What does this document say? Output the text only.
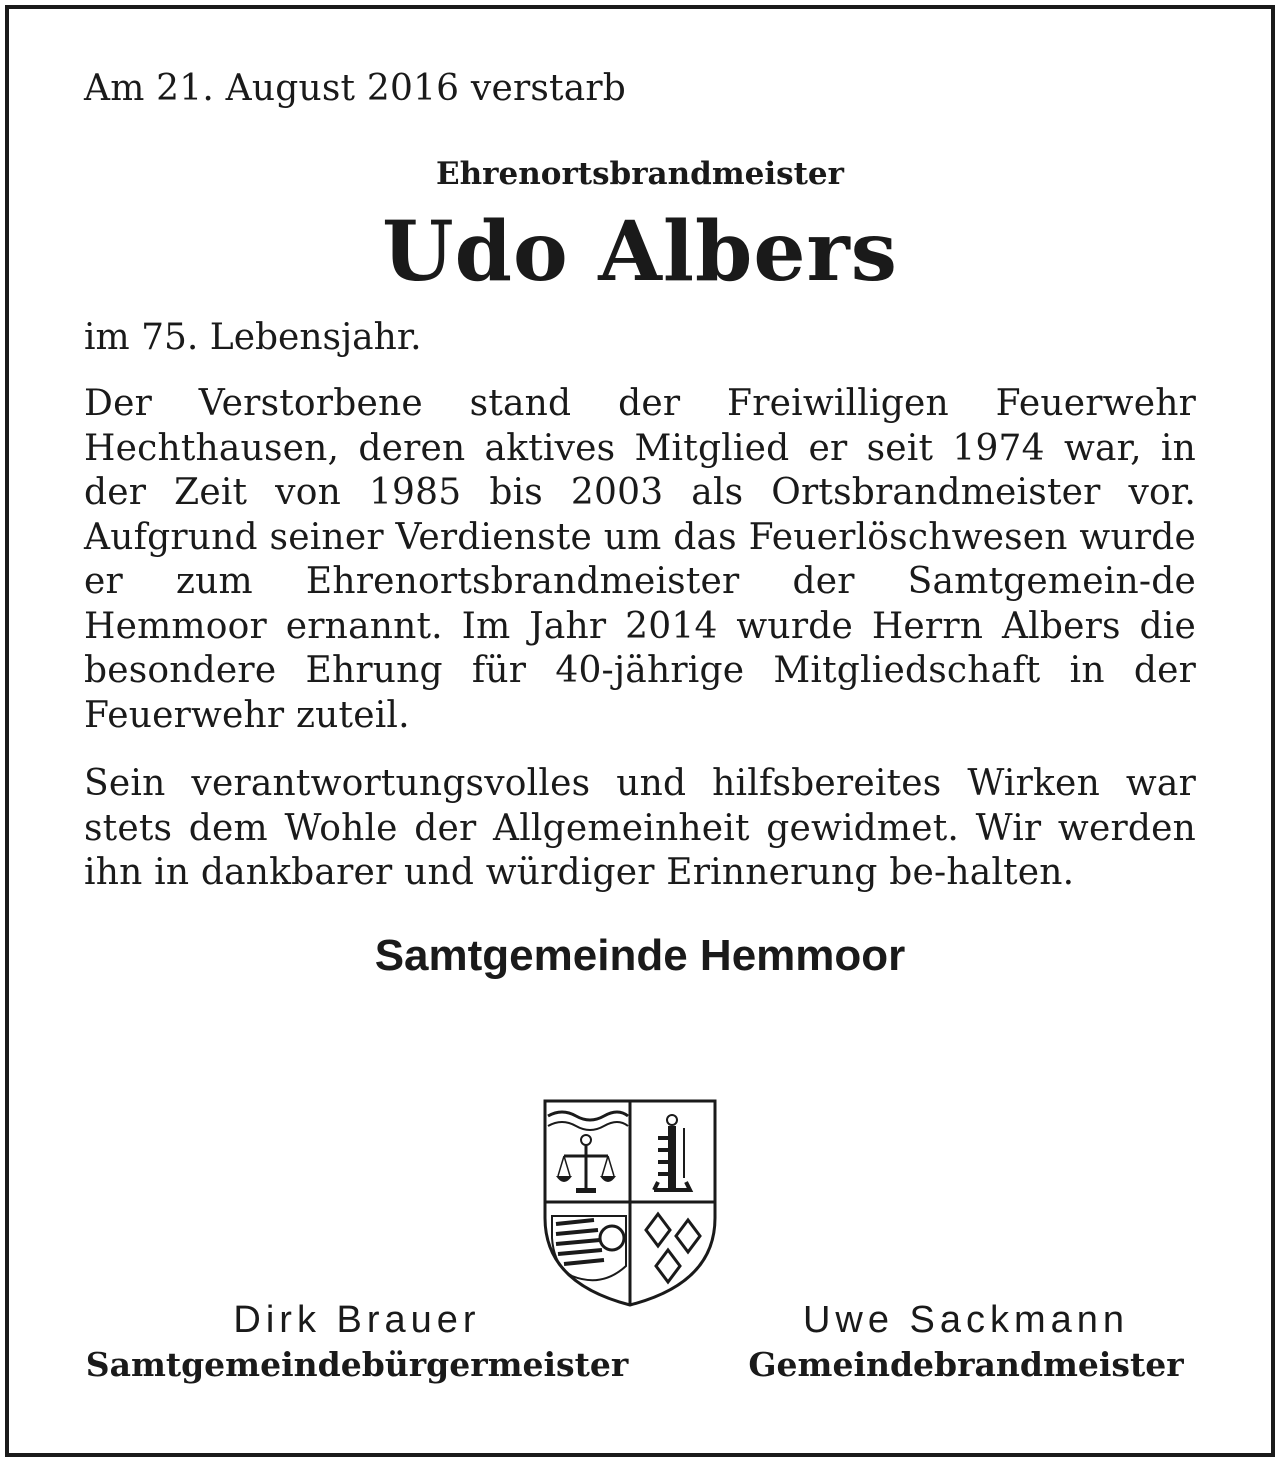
Am 21. August 2016 verstarb

Ehrenortsbrandmeister
Udo Albers
im 75. Lebensjahr.

Der Verstorbene stand der Freiwilligen Feuerwehr Hechthausen, deren aktives Mitglied er seit 1974 war, in der Zeit von 1985 bis 2003 als Ortsbrandmeister vor. Aufgrund seiner Verdienste um das Feuerlöschwesen wurde er zum Ehrenortsbrandmeister der Samtgemein-de Hemmoor ernannt. Im Jahr 2014 wurde Herrn Albers die besondere Ehrung für 40-jährige Mitgliedschaft in der Feuerwehr zuteil.

Sein verantwortungsvolles und hilfsbereites Wirken war stets dem Wohle der Allgemeinheit gewidmet. Wir werden ihn in dankbarer und würdiger Erinnerung be-halten.

Samtgemeinde Hemmoor
Dirk Brauer
Samtgemeindebürgermeister
Uwe Sackmann
Gemeindebrandmeister
